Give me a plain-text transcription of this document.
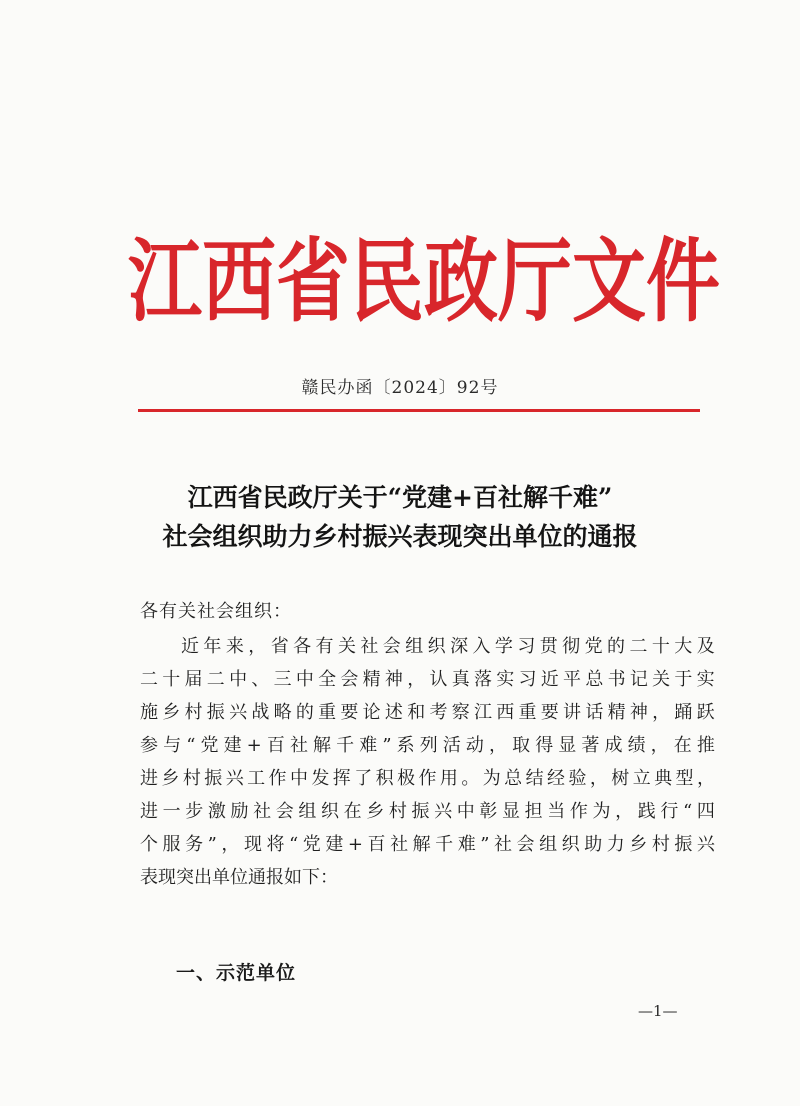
江 西 省 民 政 厅 文 件
赣民办函〔2024〕92号
江西省民政厅关于“党建+百社解千难”
社会组织助力乡村振兴表现突出单位的通报
各有关社会组织：
近 年 来 ， 省 各 有 关 社 会 组 织 深 入 学 习 贯 彻 党 的 二 十 大 及
二 十 届 二 中 、 三 中 全 会 精 神 ， 认 真 落 实 习 近 平 总 书 记 关 于 实
施 乡 村 振 兴 战 略 的 重 要 论 述 和 考 察 江 西 重 要 讲 话 精 神 ， 踊 跃
参 与 “ 党 建 + 百 社 解 千 难 ” 系 列 活 动 ， 取 得 显 著 成 绩 ， 在 推
进 乡 村 振 兴 工 作 中 发 挥 了 积 极 作 用 。 为 总 结 经 验 ， 树 立 典 型 ，
进 一 步 激 励 社 会 组 织 在 乡 村 振 兴 中 彰 显 担 当 作 为 ， 践 行 “ 四
个 服 务 ” ， 现 将 “ 党 建 + 百 社 解 千 难 ” 社 会 组 织 助 力 乡 村 振 兴
表现突出单位通报如下：
一、示范单位
—1—
